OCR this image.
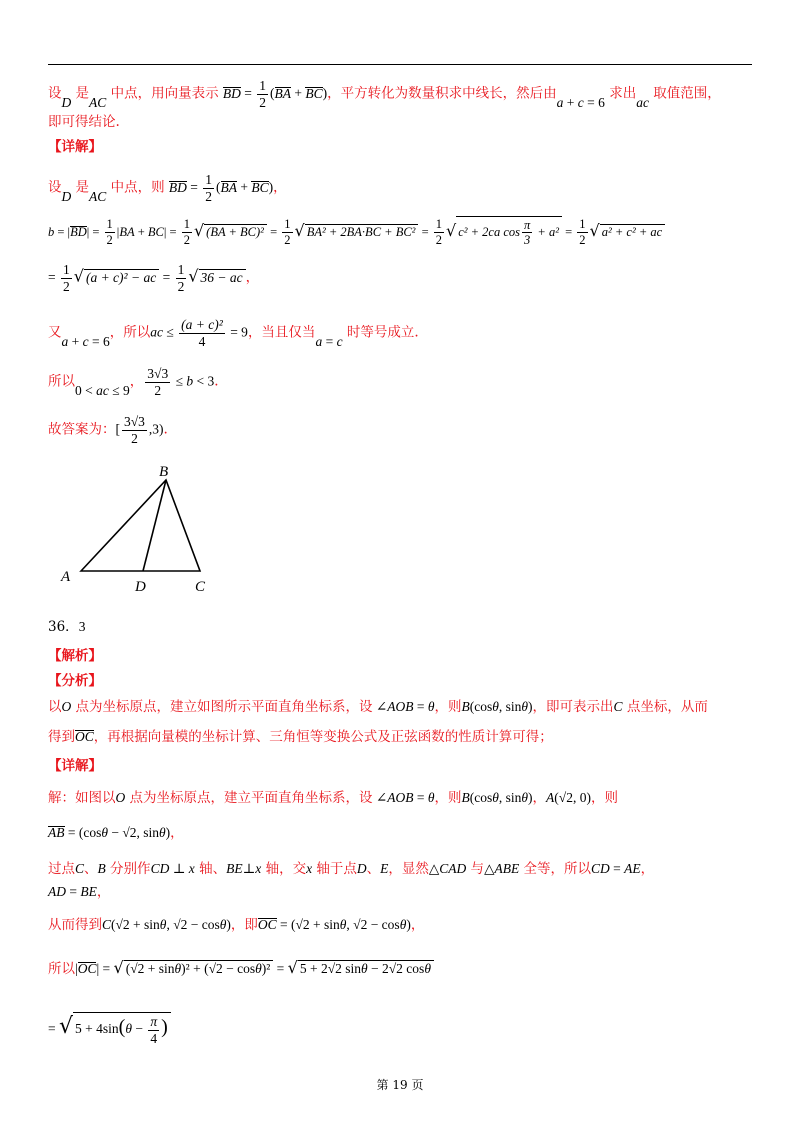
设D 是AC 中点，用向量表示 BD = $\frac{1}{2} (BA + BC)$，平方转化为数量积求中线长，然后由a + c = 6 求出ac 取值范围，
即可得结论.
【详解】
设D 是AC 中点，则 BD = $\frac{1}{2} (BA + BC)$，
$b = |BD| = \frac{1}{2} |BA + BC| = \frac{1}{2}$ √ $(BA + BC)^2 = \frac{1}{2}$ √ $BA^2 + 2BA\cdot BC + BC^2 = \frac{1}{2}$ √ c² + 2ca $\cos \frac{\pi}{3} + a^2 = \frac{1}{2}$ √ a² + c² + ac
= $\frac{1}{2}$ √ (a + c)² − ac = $\frac{1}{2}$ √ 36 − ac ，
又a + c = 6，所以ac ≤ $\frac{\text{(a + c)²}}{4} = 9$，当且仅当a = c 时等号成立.
所以0 < ac ≤ 9， $\frac{3√3}{2} \le b < 3$.
故答案为：[ $\frac{3√3}{2} ,3$).
B
A
D	C
36．3
【解析】
【分析】
以O 点为坐标原点，建立如图所示平面直角坐标系，设 ∠AOB = θ，则B(cosθ, sinθ)，即可表示出C 点坐标，从而
得到OC，再根据向量模的坐标计算、三角恒等变换公式及正弦函数的性质计算可得；
【详解】
解：如图以O 点为坐标原点，建立平面直角坐标系，设 ∠AOB = θ，则B(cosθ, sinθ)，A(√2, 0)，则
AB = (cosθ − √2, sinθ)，
过点C、B 分别作CD ⊥ x 轴、BE⊥x 轴，交x 轴于点D、E，显然△CAD 与△ABE 全等，所以CD = AE，
AD = BE，
从而得到C(√2 + sinθ, √2 − cosθ)，即OC = (√2 + sinθ, √2 − cosθ)，
所以|OC| = √ (√2 + sinθ)² + (√2 − cosθ)² = √ 5 + 2√2 sinθ − 2√2 cosθ
= √ $5 + 4\sin(\theta - \frac{\pi}{4}$ )
第 19 页
